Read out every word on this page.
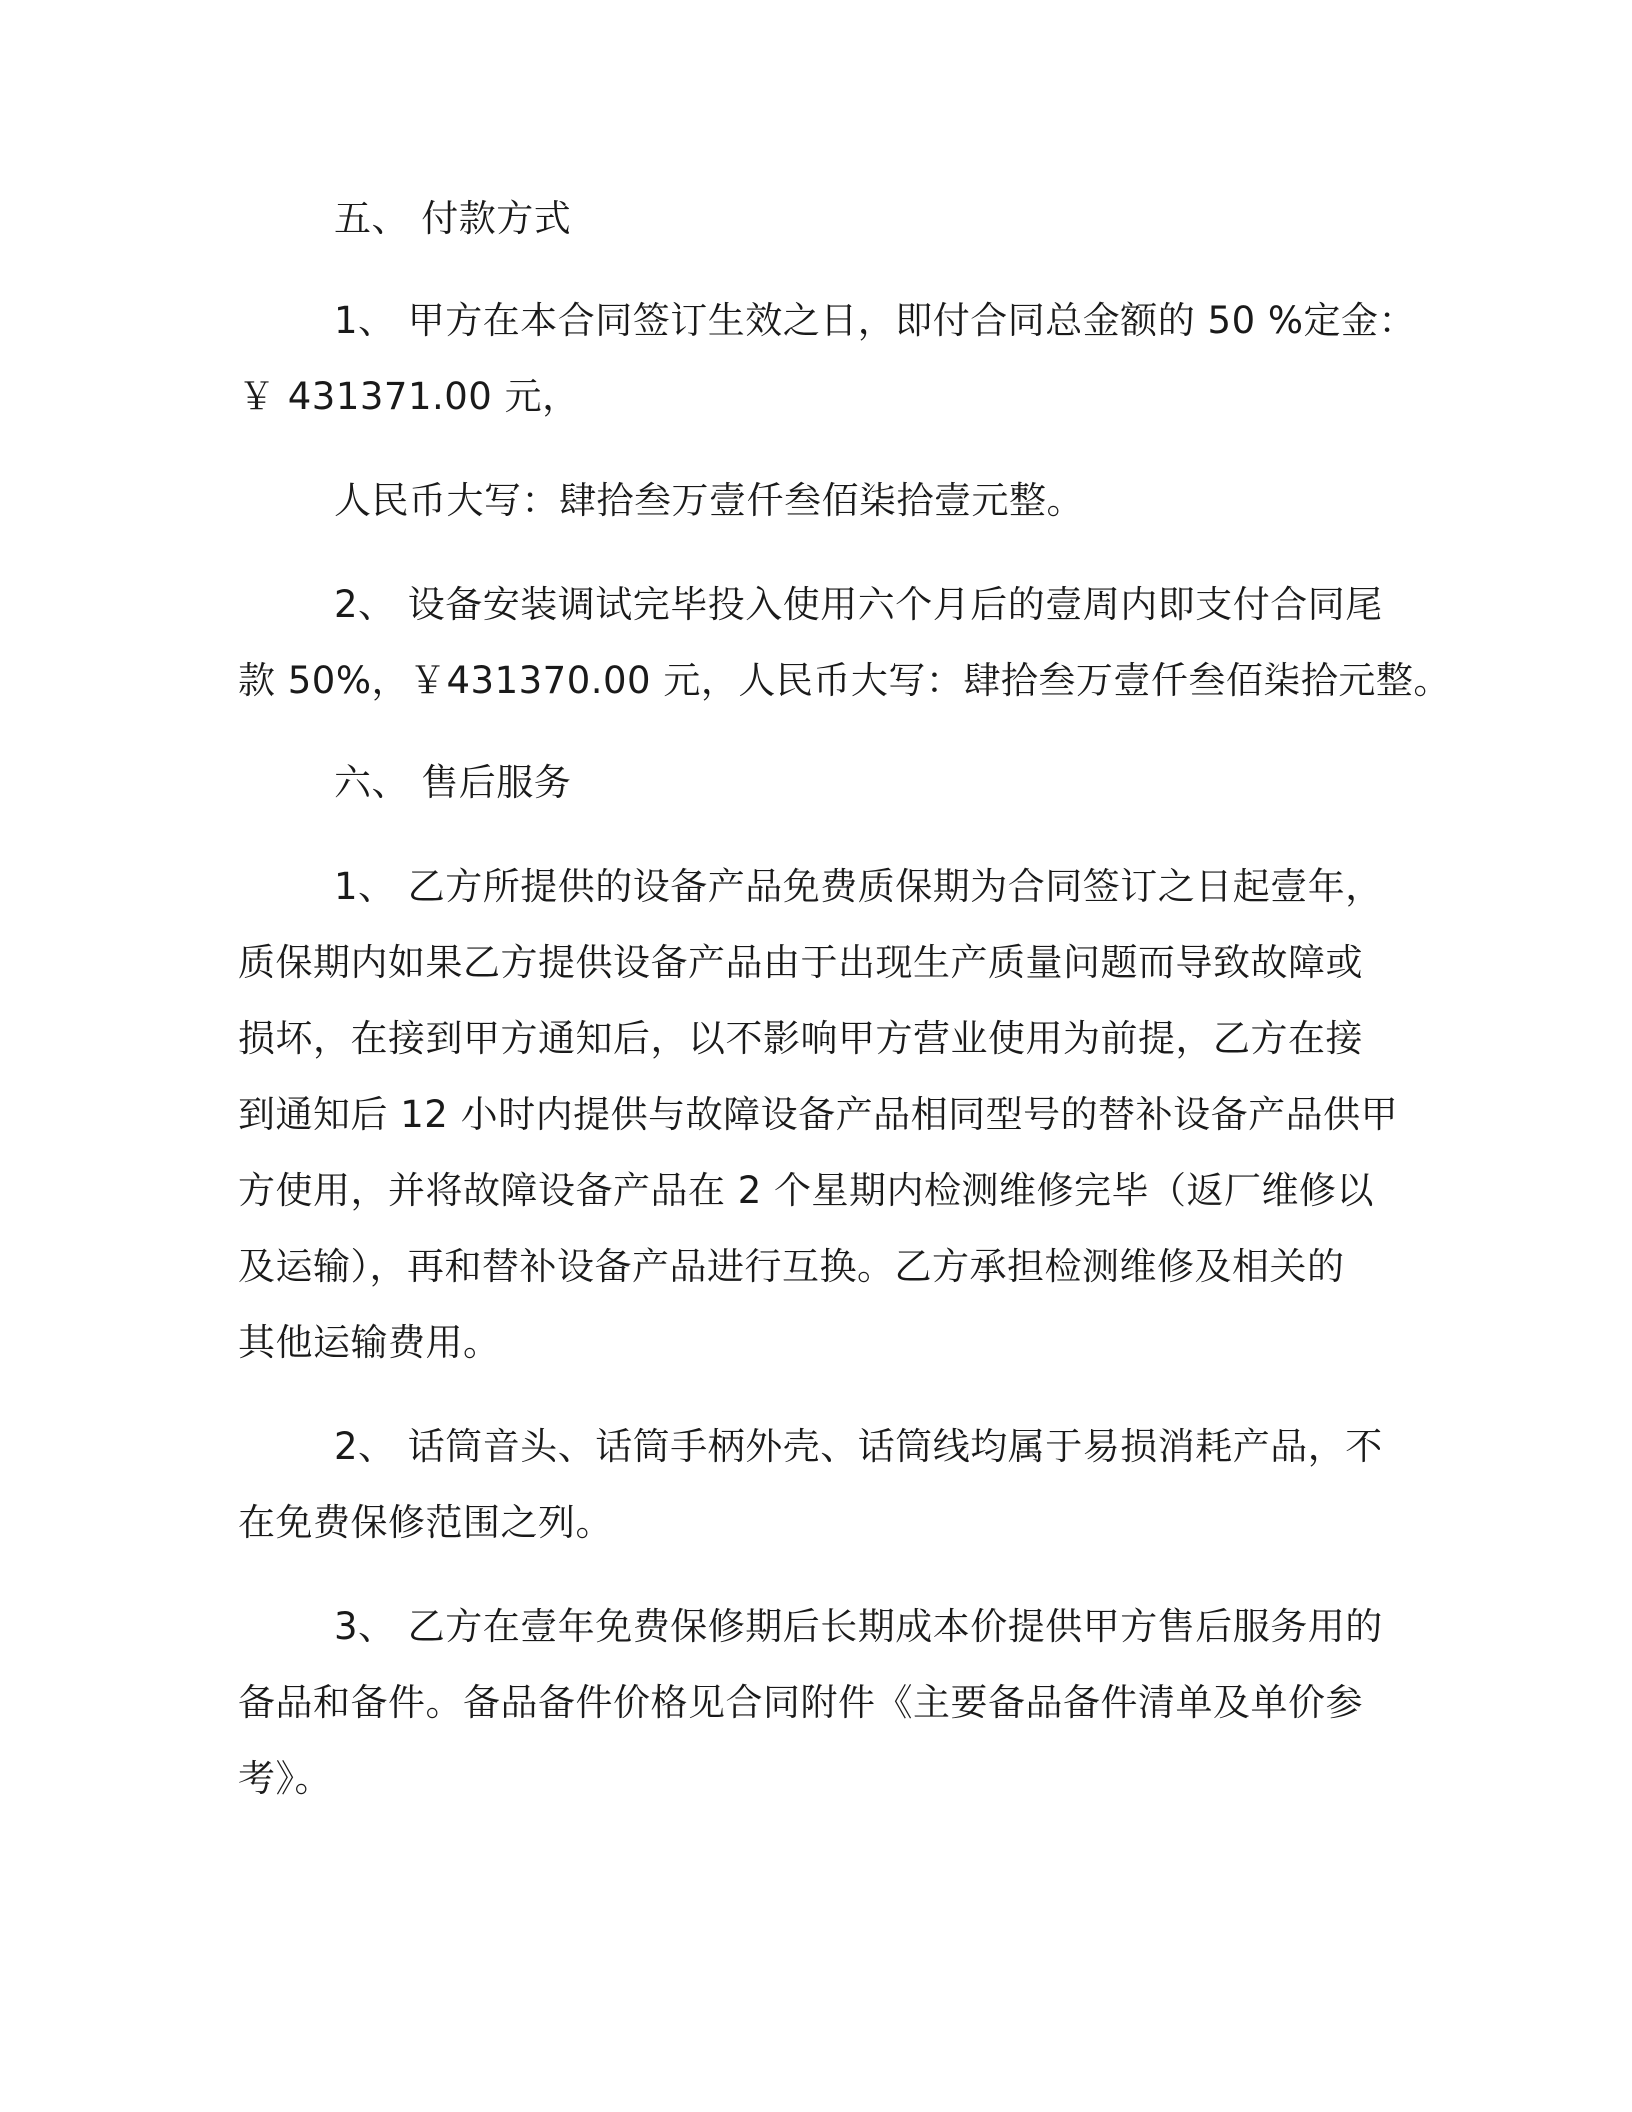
五、 付款方式
1、 甲方在本合同签订生效之日，即付合同总金额的 50 %定金：
￥ 431371.00 元，
人民币大写：肆拾叁万壹仟叁佰柒拾壹元整。
2、 设备安装调试完毕投入使用六个月后的壹周内即支付合同尾
款 50%，￥431370.00 元，人民币大写：肆拾叁万壹仟叁佰柒拾元整。
六、 售后服务
1、 乙方所提供的设备产品免费质保期为合同签订之日起壹年，
质保期内如果乙方提供设备产品由于出现生产质量问题而导致故障或
损坏，在接到甲方通知后，以不影响甲方营业使用为前提，乙方在接
到通知后 12 小时内提供与故障设备产品相同型号的替补设备产品供甲
方使用，并将故障设备产品在 2 个星期内检测维修完毕（返厂维修以
及运输），再和替补设备产品进行互换。乙方承担检测维修及相关的
其他运输费用。
2、 话筒音头、话筒手柄外壳、话筒线均属于易损消耗产品，不
在免费保修范围之列。
3、 乙方在壹年免费保修期后长期成本价提供甲方售后服务用的
备品和备件。备品备件价格见合同附件《主要备品备件清单及单价参
考》。
